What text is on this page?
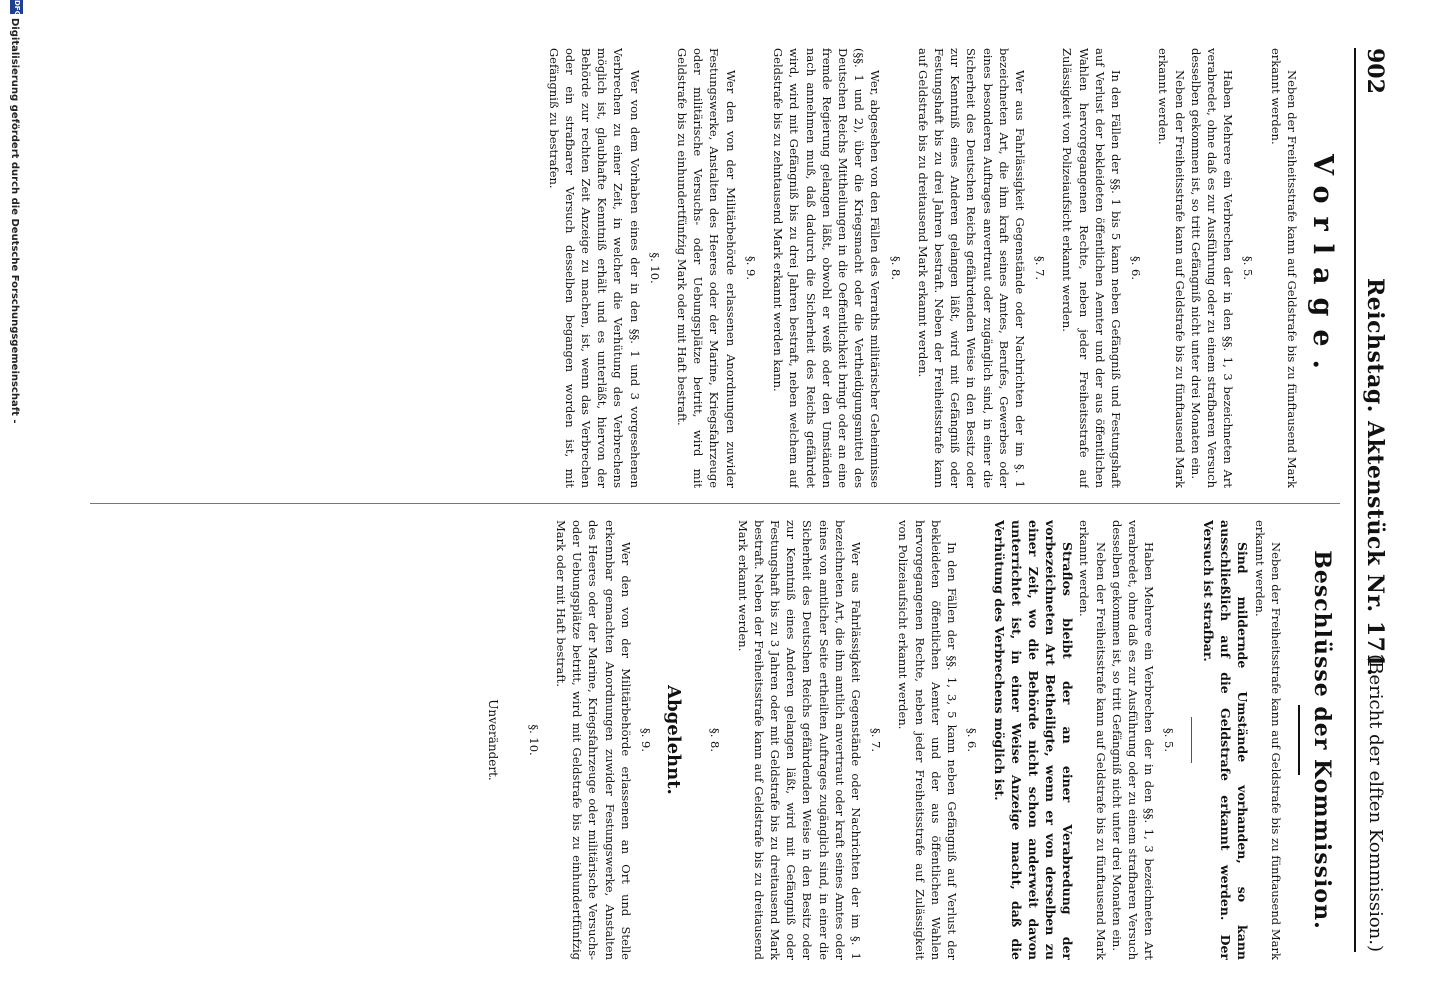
902
Reichstag. Aktenstück Nr. 171.
(Bericht der elften Kommission.)
Vorlage.

Neben der Freiheitsstrafe kann auf Geldstrafe bis zu fünftausend Mark erkannt werden.

§. 5.

Haben Mehrere ein Verbrechen der in den §§. 1, 3 bezeichneten Art verabredet, ohne daß es zur Ausführung oder zu einem strafbaren Versuch desselben gekommen ist, so tritt Gefängniß nicht unter drei Monaten ein.

Neben der Freiheitsstrafe kann auf Geldstrafe bis zu fünftausend Mark erkannt werden.

§. 6.

In den Fällen der §§. 1 bis 5 kann neben Gefängniß und Festungshaft auf Verlust der bekleideten öffentlichen Aemter und der aus öffentlichen Wahlen hervorgegangenen Rechte, neben jeder Freiheitsstrafe auf Zulässigkeit von Polizeiaufsicht erkannt werden.

§. 7.

Wer aus Fahrlässigkeit Gegenstände oder Nachrichten der im §. 1 bezeichneten Art, die ihm kraft seines Amtes, Berufes, Gewerbes oder eines besonderen Auftrages anvertraut oder zugänglich sind, in einer die Sicherheit des Deutschen Reichs gefährdenden Weise in den Besitz oder zur Kenntniß eines Anderen gelangen läßt, wird mit Gefängniß oder Festungshaft bis zu drei Jahren bestraft. Neben der Freiheitsstrafe kann auf Geldstrafe bis zu dreitausend Mark erkannt werden.

§. 8.

Wer, abgesehen von den Fällen des Verraths militärischer Geheimnisse (§§. 1 und 2), über die Kriegsmacht oder die Vertheidigungsmittel des Deutschen Reichs Mittheilungen in die Oeffentlichkeit bringt oder an eine fremde Regierung gelangen läßt, obwohl er weiß oder den Umständen nach annehmen muß, daß dadurch die Sicherheit des Reichs gefährdet wird, wird mit Gefängniß bis zu drei Jahren bestraft, neben welchem auf Geldstrafe bis zu zehntausend Mark erkannt werden kann.

§. 9.

Wer den von der Militärbehörde erlassenen Anordnungen zuwider Festungswerke, Anstalten des Heeres oder der Marine, Kriegsfahrzeuge oder militärische Versuchs- oder Uebungsplätze betritt, wird mit Geldstrafe bis zu einhundertfünfzig Mark oder mit Haft bestraft.

§. 10.

Wer von dem Vorhaben eines der in den §§. 1 und 3 vorgesehenen Verbrechen zu einer Zeit, in welcher die Verhütung des Verbrechens möglich ist, glaubhafte Kenntniß erhält und es unterläßt, hiervon der Behörde zur rechten Zeit Anzeige zu machen, ist, wenn das Verbrechen oder ein strafbarer Versuch desselben begangen worden ist, mit Gefängniß zu bestrafen.

Beschlüsse der Kommission.

Neben der Freiheitsstrafe kann auf Geldstrafe bis zu fünftausend Mark erkannt werden.

Sind mildernde Umstände vorhanden, so kann ausschließlich auf die Geldstrafe erkannt werden. Der Versuch ist strafbar.

§. 5.

Haben Mehrere ein Verbrechen der in den §§. 1, 3 bezeichneten Art verabredet, ohne daß es zur Ausführung oder zu einem strafbaren Versuch desselben gekommen ist, so tritt Gefängniß nicht unter drei Monaten ein.

Neben der Freiheitsstrafe kann auf Geldstrafe bis zu fünftausend Mark erkannt werden.

Straflos bleibt der an einer Verabredung der vorbezeichneten Art Betheiligte, wenn er von derselben zu einer Zeit, wo die Behörde nicht schon anderweit davon unterrichtet ist, in einer Weise Anzeige macht, daß die Verhütung des Verbrechens möglich ist.

§. 6.

In den Fällen der §§. 1, 3, 5 kann neben Gefängniß auf Verlust der bekleideten öffentlichen Aemter und der aus öffentlichen Wahlen hervorgegangenen Rechte, neben jeder Freiheitsstrafe auf Zulässigkeit von Polizeiaufsicht erkannt werden.

§. 7.

Wer aus Fahrlässigkeit Gegenstände oder Nachrichten der im §. 1 bezeichneten Art, die ihm amtlich anvertraut oder kraft seines Amtes oder eines von amtlicher Seite ertheilten Auftrages zugänglich sind, in einer die Sicherheit des Deutschen Reichs gefährdenden Weise in den Besitz oder zur Kenntniß eines Anderen gelangen läßt, wird mit Gefängniß oder Festungshaft bis zu 3 Jahren oder mit Geldstrafe bis zu dreitausend Mark bestraft. Neben der Freiheitsstrafe kann auf Geldstrafe bis zu dreitausend Mark erkannt werden.

§. 8.

Abgelehnt.

§. 9.

Wer den von der Militärbehörde erlassenen an Ort und Stelle erkennbar gemachten Anordnungen zuwider Festungswerke, Anstalten des Heeres oder der Marine, Kriegsfahrzeuge oder militärische Versuchs- oder Uebungsplätze betritt, wird mit Geldstrafe bis zu einhundertfünfzig Mark oder mit Haft bestraft.

§. 10.

Unverändert.

DFG
Digitalisierung gefördert durch die Deutsche Forschungsgemeinschaft -
